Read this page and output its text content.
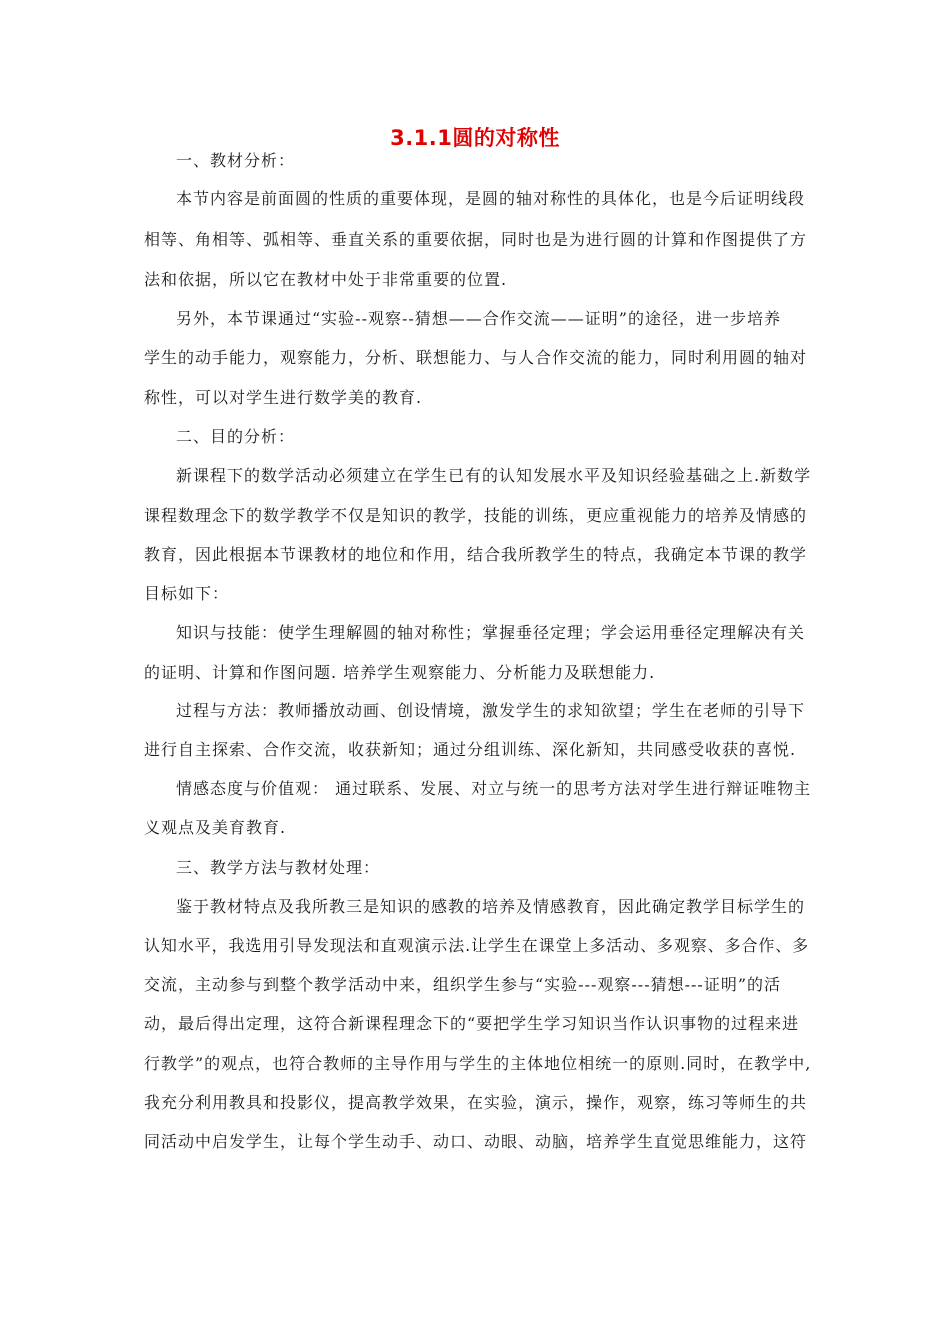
3.1.1圆的对称性
一、教材分析：
本节内容是前面圆的性质的重要体现，是圆的轴对称性的具体化，也是今后证明线段
相等、角相等、弧相等、垂直关系的重要依据，同时也是为进行圆的计算和作图提供了方
法和依据，所以它在教材中处于非常重要的位置.
另外，本节课通过“实验--观察--猜想——合作交流——证明”的途径，进一步培养
学生的动手能力，观察能力，分析、联想能力、与人合作交流的能力，同时利用圆的轴对
称性，可以对学生进行数学美的教育.
二、目的分析：
新课程下的数学活动必须建立在学生已有的认知发展水平及知识经验基础之上.新数学
课程数理念下的数学教学不仅是知识的教学，技能的训练，更应重视能力的培养及情感的
教育，因此根据本节课教材的地位和作用，结合我所教学生的特点，我确定本节课的教学
目标如下：
知识与技能：使学生理解圆的轴对称性；掌握垂径定理；学会运用垂径定理解决有关
的证明、计算和作图问题. 培养学生观察能力、分析能力及联想能力.
过程与方法：教师播放动画、创设情境，激发学生的求知欲望；学生在老师的引导下
进行自主探索、合作交流，收获新知；通过分组训练、深化新知，共同感受收获的喜悦.
情感态度与价值观： 通过联系、发展、对立与统一的思考方法对学生进行辩证唯物主
义观点及美育教育.
三、教学方法与教材处理：
鉴于教材特点及我所教三是知识的感教的培养及情感教育，因此确定教学目标学生的
认知水平，我选用引导发现法和直观演示法.让学生在课堂上多活动、多观察、多合作、多
交流，主动参与到整个教学活动中来，组织学生参与“实验---观察---猜想---证明”的活
动，最后得出定理，这符合新课程理念下的“要把学生学习知识当作认识事物的过程来进
行教学”的观点，也符合教师的主导作用与学生的主体地位相统一的原则.同时，在教学中,
我充分利用教具和投影仪，提高教学效果，在实验，演示，操作，观察，练习等师生的共
同活动中启发学生，让每个学生动手、动口、动眼、动脑，培养学生直觉思维能力，这符
